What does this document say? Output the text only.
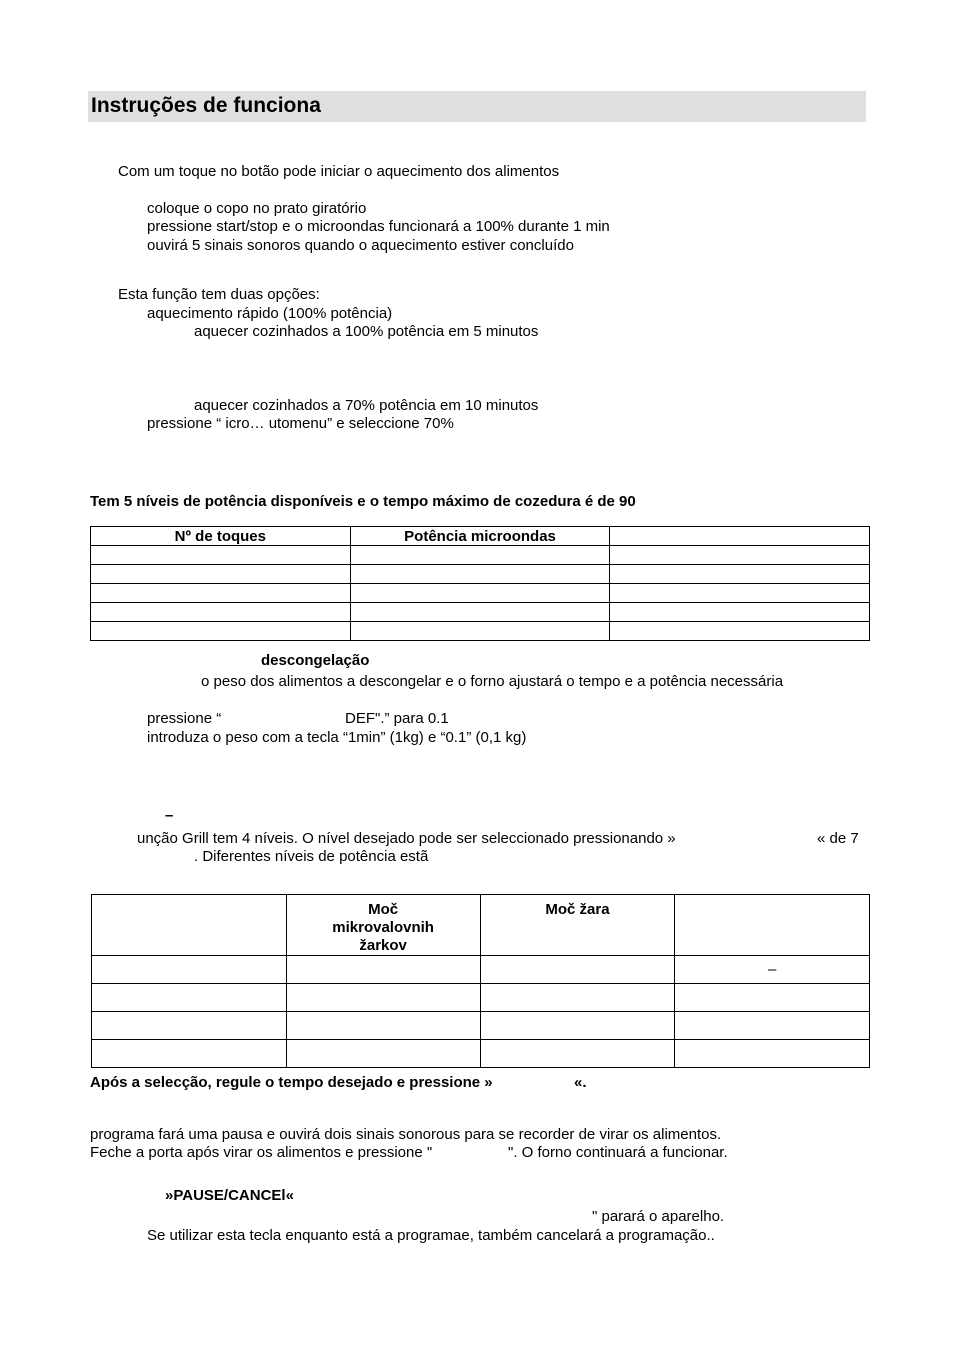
Instruções de funciona
Com um toque no botão pode iniciar o aquecimento dos alimentos
coloque o copo no prato giratório
pressione start/stop e o microondas funcionará a 100% durante 1 min
ouvirá 5 sinais sonoros quando o aquecimento estiver concluído
Esta função tem duas opções:
aquecimento rápido (100% potência)
aquecer cozinhados a 100% potência em 5 minutos
aquecer cozinhados a 70% potência em 10 minutos
pressione “ icro… utomenu” e seleccione 70%
Tem 5 níveis de potência disponíveis e o tempo máximo de cozedura é de 90
Nº de toques	Potência microondas	

descongelação
o peso dos alimentos a descongelar e o forno ajustará o tempo e a potência necessária
pressione “	DEF".” para 0.1
introduza o peso com a tecla “1min” (1kg) e “0.1” (0,1 kg)
–
unção Grill tem 4 níveis. O nível desejado pode ser seleccionado pressionando »	« de 7
. Diferentes níveis de potência estã
	Moč mikrovalovnih žarkov	Moč žara	
			–

Após a selecção, regule o tempo desejado e pressione »	«.
programa fará uma pausa e ouvirá dois sinais sonorous para se recorder de virar os alimentos.
Feche a porta após virar os alimentos e pressione "	". O forno continuará a funcionar.
»PAUSE/CANCEl«
" parará o aparelho.
Se utilizar esta tecla enquanto está a programae, também cancelará a programação..
